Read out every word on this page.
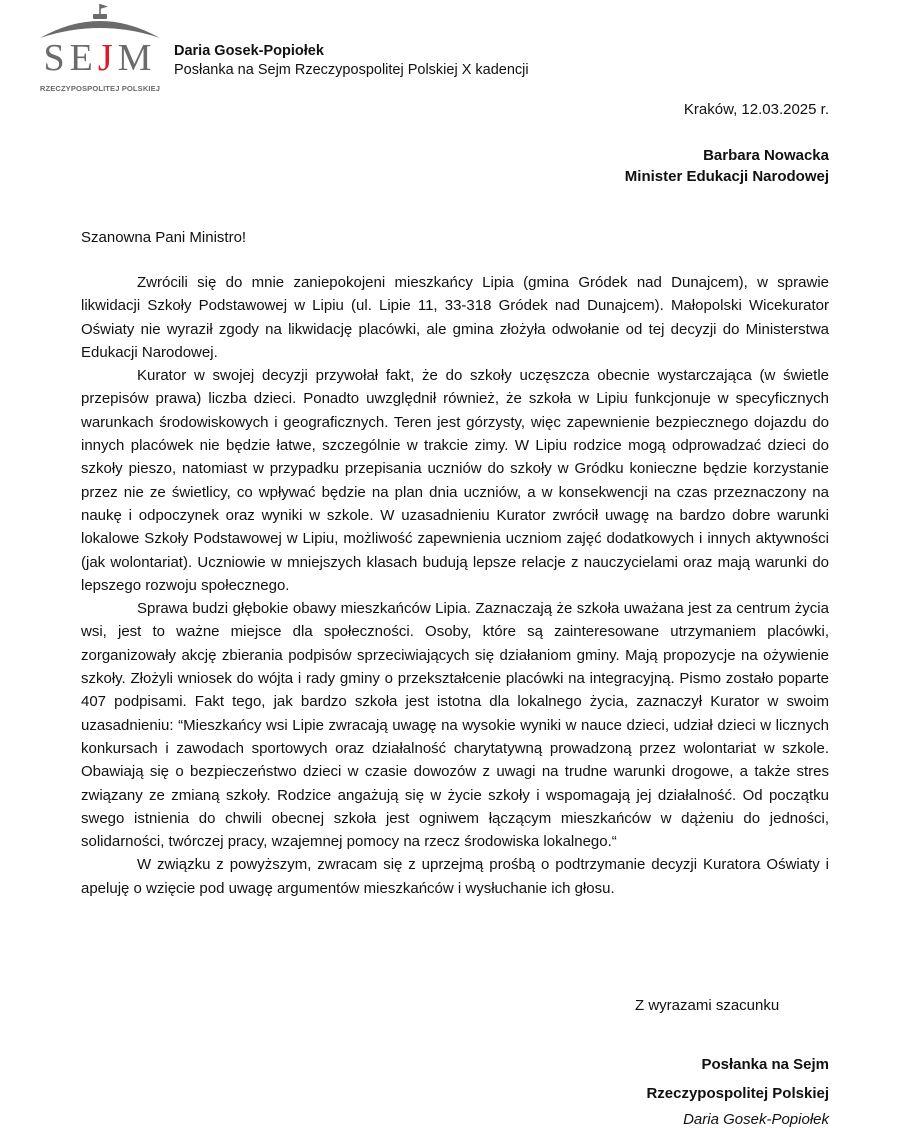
SEJM
RZECZYPOSPOLITEJ POLSKIEJ
Daria Gosek-Popiołek
Posłanka na Sejm Rzeczypospolitej Polskiej X kadencji
Kraków, 12.03.2025 r.
Barbara Nowacka
Minister Edukacji Narodowej
Szanowna Pani Ministro!

Zwrócili się do mnie zaniepokojeni mieszkańcy Lipia (gmina Gródek nad Dunajcem), w sprawie likwidacji Szkoły Podstawowej w Lipiu (ul. Lipie 11, 33-318 Gródek nad Dunajcem). Małopolski Wicekurator Oświaty nie wyraził zgody na likwidację placówki, ale gmina złożyła odwołanie od tej decyzji do Ministerstwa Edukacji Narodowej.

Kurator w swojej decyzji przywołał fakt, że do szkoły uczęszcza obecnie wystarczająca (w świetle przepisów prawa) liczba dzieci. Ponadto uwzględnił również, że szkoła w Lipiu funkcjonuje w specyficznych warunkach środowiskowych i geograficznych. Teren jest górzysty, więc zapewnienie bezpiecznego dojazdu do innych placówek nie będzie łatwe, szczególnie w trakcie zimy. W Lipiu rodzice mogą odprowadzać dzieci do szkoły pieszo, natomiast w przypadku przepisania uczniów do szkoły w Gródku konieczne będzie korzystanie przez nie ze świetlicy, co wpływać będzie na plan dnia uczniów, a w konsekwencji na czas przeznaczony na naukę i odpoczynek oraz wyniki w szkole. W uzasadnieniu Kurator zwrócił uwagę na bardzo dobre warunki lokalowe Szkoły Podstawowej w Lipiu, możliwość zapewnienia uczniom zajęć dodatkowych i innych aktywności (jak wolontariat). Uczniowie w mniejszych klasach budują lepsze relacje z nauczycielami oraz mają warunki do lepszego rozwoju społecznego.

Sprawa budzi głębokie obawy mieszkańców Lipia. Zaznaczają że szkoła uważana jest za centrum życia wsi, jest to ważne miejsce dla społeczności. Osoby, które są zainteresowane utrzymaniem placówki, zorganizowały akcję zbierania podpisów sprzeciwiających się działaniom gminy. Mają propozycje na ożywienie szkoły. Złożyli wniosek do wójta i rady gminy o przekształcenie placówki na integracyjną. Pismo zostało poparte 407 podpisami. Fakt tego, jak bardzo szkoła jest istotna dla lokalnego życia, zaznaczył Kurator w swoim uzasadnieniu: “Mieszkańcy wsi Lipie zwracają uwagę na wysokie wyniki w nauce dzieci, udział dzieci w licznych konkursach i zawodach sportowych oraz działalność charytatywną prowadzoną przez wolontariat w szkole. Obawiają się o bezpieczeństwo dzieci w czasie dowozów z uwagi na trudne warunki drogowe, a także stres związany ze zmianą szkoły. Rodzice angażują się w życie szkoły i wspomagają jej działalność. Od początku swego istnienia do chwili obecnej szkoła jest ogniwem łączącym mieszkańców w dążeniu do jedności, solidarności, twórczej pracy, wzajemnej pomocy na rzecz środowiska lokalnego.“

W związku z powyższym, zwracam się z uprzejmą prośbą o podtrzymanie decyzji Kuratora Oświaty i apeluję o wzięcie pod uwagę argumentów mieszkańców i wysłuchanie ich głosu.

Z wyrazami szacunku
Posłanka na Sejm
Rzeczypospolitej Polskiej
Daria Gosek-Popiołek
